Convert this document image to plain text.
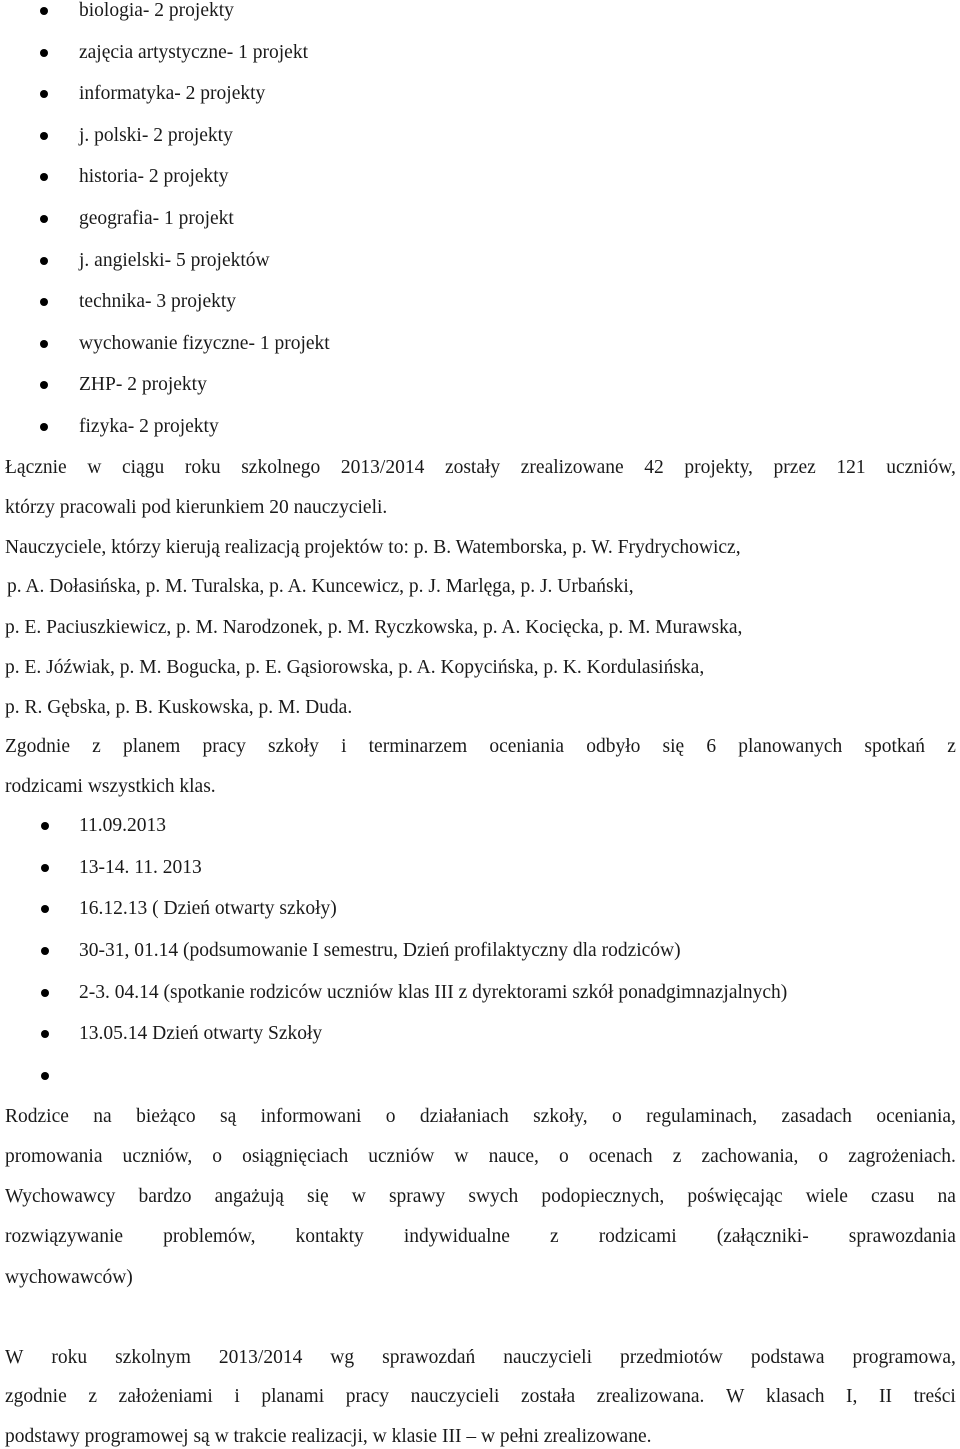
biologia- 2 projekty
zajęcia artystyczne- 1 projekt
informatyka- 2 projekty
j. polski- 2 projekty
historia- 2 projekty
geografia- 1 projekt
j. angielski- 5 projektów
technika- 3 projekty
wychowanie fizyczne- 1 projekt
ZHP- 2 projekty
fizyka- 2 projekty
Łącznie w ciągu roku szkolnego 2013/2014 zostały zrealizowane 42 projekty, przez 121 uczniów,
którzy pracowali pod kierunkiem 20 nauczycieli.
Nauczyciele, którzy kierują realizacją projektów to: p. B. Watemborska, p. W. Frydrychowicz,
p. A. Dołasińska, p. M. Turalska, p. A. Kuncewicz, p. J. Marlęga, p. J. Urbański,
p. E. Paciuszkiewicz, p. M. Narodzonek, p. M. Ryczkowska, p. A. Kocięcka, p. M. Murawska,
p. E. Jóźwiak, p. M. Bogucka, p. E. Gąsiorowska, p. A. Kopycińska, p. K. Kordulasińska,
p. R. Gębska, p. B. Kuskowska, p. M. Duda.
Zgodnie z planem pracy szkoły i terminarzem oceniania odbyło się 6 planowanych spotkań z
rodzicami wszystkich klas.
11.09.2013
13-14. 11. 2013
16.12.13 ( Dzień otwarty szkoły)
30-31, 01.14 (podsumowanie I semestru, Dzień profilaktyczny dla rodziców)
2-3. 04.14 (spotkanie rodziców uczniów klas III z dyrektorami szkół ponadgimnazjalnych)
13.05.14 Dzień otwarty Szkoły
Rodzice na bieżąco są informowani o działaniach szkoły, o regulaminach, zasadach oceniania,
promowania uczniów, o osiągnięciach uczniów w nauce, o ocenach z zachowania, o zagrożeniach.
Wychowawcy bardzo angażują się w sprawy swych podopiecznych, poświęcając wiele czasu na
rozwiązywanie problemów, kontakty indywidualne z rodzicami (załączniki- sprawozdania
wychowawców)
W roku szkolnym 2013/2014 wg sprawozdań nauczycieli przedmiotów podstawa programowa,
zgodnie z założeniami i planami pracy nauczycieli została zrealizowana. W klasach I, II treści
podstawy programowej są w trakcie realizacji, w klasie III – w pełni zrealizowane.
